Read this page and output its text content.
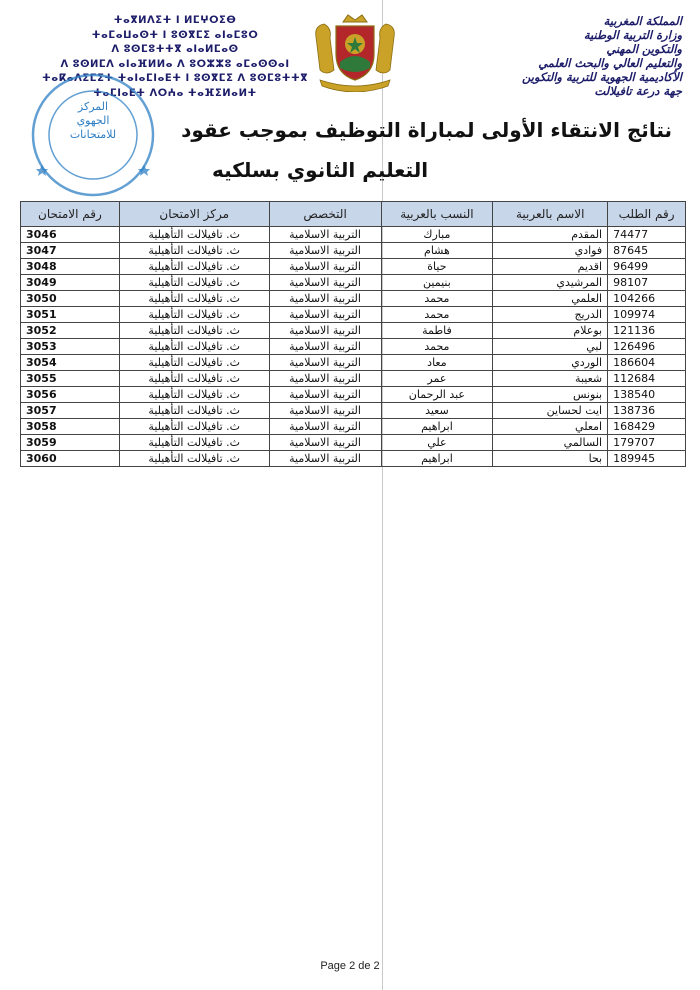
المملكة المغربية
وزارة التربية الوطنية
والتكوين المهني
والتعليم العالي والبحث العلمي
الأكاديمية الجهوية للتربية والتكوين
جهة درعة تافيلالت
ⵜⴰⴳⵍⴷⵉⵜ ⵏ ⵍⵎⵖⵔⵉⴱ
ⵜⴰⵎⴰⵡⴰⵙⵜ ⵏ ⵓⵙⴳⵎⵉ ⴰⵏⴰⵎⵓⵔ
ⴷ ⵓⵙⵎⵓⵜⵜⴳ ⴰⵏⴰⵍⵎⴰⵙ
ⴷ ⵓⵙⵍⵎⴷ ⴰⵏⴰⴼⵍⵍⴰ ⴷ ⵓⵔⵣⵣⵓ ⴰⵎⴰⵙⵙⴰⵏ
ⵜⴰⴽⴰⴷⵉⵎⵉⵜ ⵜⴰⵏⴰⵎⵏⴰⴹⵜ ⵏ ⵓⵙⴳⵎⵉ ⴷ ⵓⵙⵎⵓⵜⵜⴳ
ⵜⴰⵎⵏⴰⴹⵜ ⴷⵔⵄⴰ ⵜⴰⴼⵉⵍⴰⵍⵜ
المركز
الجهوي
للامتحانات	نتائج الانتقاء الأولى لمباراة التوظيف بموجب عقود
التعليم الثانوي بسلكيه
رقم الطلب	الاسم بالعربية	النسب بالعربية	التخصص	مركز الامتحان	رقم الامتحان
74477	المقدم	مبارك	التربية الاسلامية	ث. تافيلالت التأهيلية	3046
87645	فوادي	هشام	التربية الاسلامية	ث. تافيلالت التأهيلية	3047
96499	اقديم	حياة	التربية الاسلامية	ث. تافيلالت التأهيلية	3048
98107	المرشيدي	بنيمين	التربية الاسلامية	ث. تافيلالت التأهيلية	3049
104266	العلمي	محمد	التربية الاسلامية	ث. تافيلالت التأهيلية	3050
109974	الدريج	محمد	التربية الاسلامية	ث. تافيلالت التأهيلية	3051
121136	بوعلام	فاطمة	التربية الاسلامية	ث. تافيلالت التأهيلية	3052
126496	لبي	محمد	التربية الاسلامية	ث. تافيلالت التأهيلية	3053
186604	الوردي	معاد	التربية الاسلامية	ث. تافيلالت التأهيلية	3054
112684	شعيبة	عمر	التربية الاسلامية	ث. تافيلالت التأهيلية	3055
138540	بنونس	عبد الرحمان	التربية الاسلامية	ث. تافيلالت التأهيلية	3056
138736	ايت لحساين	سعيد	التربية الاسلامية	ث. تافيلالت التأهيلية	3057
168429	امعلي	ابراهيم	التربية الاسلامية	ث. تافيلالت التأهيلية	3058
179707	السالمي	علي	التربية الاسلامية	ث. تافيلالت التأهيلية	3059
189945	بحا	ابراهيم	التربية الاسلامية	ث. تافيلالت التأهيلية	3060
Page 2 de 2
